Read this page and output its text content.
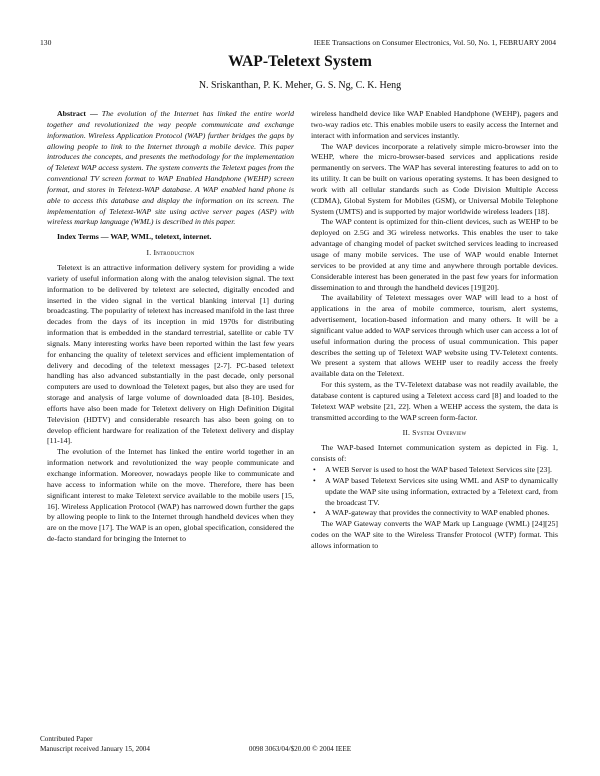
130	IEEE Transactions on Consumer Electronics, Vol. 50, No. 1, FEBRUARY 2004
WAP-Teletext System
N. Sriskanthan, P. K. Meher, G. S. Ng, C. K. Heng

Abstract — The evolution of the Internet has linked the entire world together and revolutionized the way people communicate and exchange information. Wireless Application Protocol (WAP) further bridges the gaps by allowing people to link to the Internet through a mobile device. This paper introduces the concepts, and presents the methodology for the implementation of Teletext WAP access system. The system converts the Teletext pages from the conventional TV screen format to WAP Enabled Handphone (WEHP) screen format, and stores in Teletext-WAP database. A WAP enabled hand phone is able to access this database and display the information on its screen. The implementation of Teletext-WAP site using active server pages (ASP) with wireless markup language (WML) is described in this paper.

Index Terms — WAP, WML, teletext, internet.

I. Introduction

Teletext is an attractive information delivery system for providing a wide variety of useful information along with the analog television signal. The text information to be delivered by teletext are selected, digitally encoded and inserted in the video signal in the vertical blanking interval [1] during broadcasting. The popularity of teletext has increased manifold in the last three decades from the days of its inception in mid 1970s for distributing information that is embedded in the standard terrestrial, satellite or cable TV signals. Many interesting works have been reported within the last few years for enhancing the quality of teletext services and efficient implementation of delivery and decoding of the teletext messages [2-7]. PC-based teletext handling has also advanced substantially in the past decade, only personal computers are used to download the Teletext pages, but also they are used for storage and analysis of large volume of downloaded data [8-10]. Besides, efforts have also been made for Teletext delivery on High Definition Digital Television (HDTV) and considerable research has also been going on to develop efficient hardware for realization of the Teletext delivery and display [11-14].

The evolution of the Internet has linked the entire world together in an information network and revolutionized the way people communicate and exchange information. Moreover, nowadays people like to communicate and have access to information while on the move. Therefore, there has been significant interest to make Teletext service available to the mobile users [15, 16]. Wireless Application Protocol (WAP) has narrowed down further the gaps by allowing people to link to the Internet through handheld devices when they are on the move [17]. The WAP is an open, global specification, considered the de-facto standard for bringing the Internet to

wireless handheld device like WAP Enabled Handphone (WEHP), pagers and two-way radios etc. This enables mobile users to easily access the Internet and interact with information and services instantly.

The WAP devices incorporate a relatively simple micro-browser into the WEHP, where the micro-browser-based services and applications reside permanently on servers. The WAP has several interesting features to add on to its utility. It can be built on various operating systems. It has been designed to work with all cellular standards such as Code Division Multiple Access (CDMA), Global System for Mobiles (GSM), or Universal Mobile Telephone System (UMTS) and is supported by major worldwide wireless leaders [18].

The WAP content is optimized for thin-client devices, such as WEHP to be deployed on 2.5G and 3G wireless networks. This enables the user to take advantage of changing model of packet switched services leading to increased usage of many mobile services. The use of WAP would enable Internet services to be provided at any time and anywhere through portable devices. Considerable interest has been generated in the past few years for information dissemination to and through the handheld devices [19][20].

The availability of Teletext messages over WAP will lead to a host of applications in the area of mobile commerce, tourism, alert systems, advertisement, location-based information and many others. It will be a significant value added to WAP services through which user can access a lot of useful information during the process of usual communication. This paper describes the setting up of Teletext WAP website using TV-Teletext contents. We present a system that allows WEHP user to readily access the freely available data on the Teletext.

For this system, as the TV-Teletext database was not readily available, the database content is captured using a Teletext access card [8] and loaded to the Teletext WAP website [21, 22]. When a WEHP access the system, the data is transmitted according to the WAP screen form-factor.

II. System Overview

The WAP-based Internet communication system as depicted in Fig. 1, consists of:

• A WEB Server is used to host the WAP based Teletext Services site [23].
• A WAP based Teletext Services site using WML and ASP to dynamically update the WAP site using information, extracted by a Teletext card, from the broadcast TV.
• A WAP-gateway that provides the connectivity to WAP enabled phones.

The WAP Gateway converts the WAP Mark up Language (WML) [24][25] codes on the WAP site to the Wireless Transfer Protocol (WTP) format. This allows information to

Contributed Paper
Manuscript received January 15, 2004	0098 3063/04/$20.00 © 2004 IEEE
